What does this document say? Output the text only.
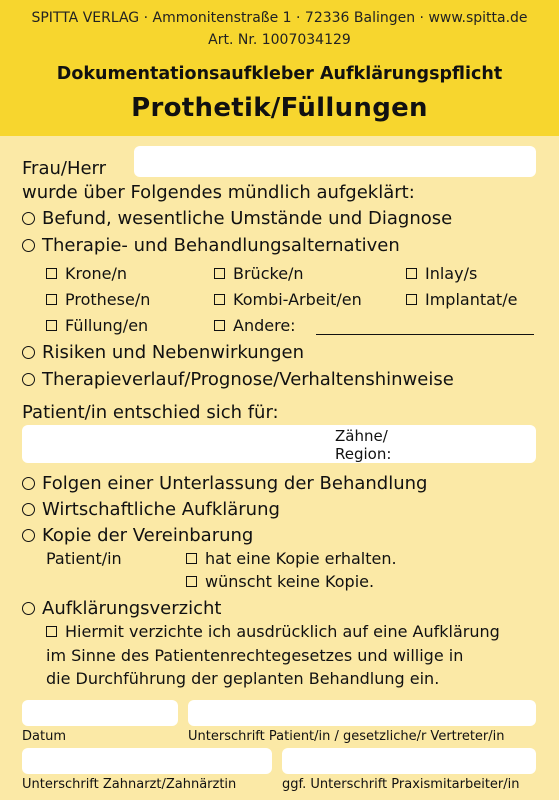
SPITTA VERLAG · Ammonitenstraße 1 · 72336 Balingen · www.spitta.de
Art. Nr. 1007034129
Dokumentationsaufkleber Aufklärungspflicht
Prothetik/Füllungen
Frau/Herr
wurde über Folgendes mündlich aufgeklärt:
Befund, wesentliche Umstände und Diagnose
Therapie- und Behandlungsalternativen
Krone/n	Brücke/n	Inlay/s
Prothese/n	Kombi-Arbeit/en	Implantat/e
Füllung/en	Andere:
Risiken und Nebenwirkungen
Therapieverlauf/Prognose/Verhaltenshinweise
Patient/in entschied sich für:
Zähne/
Region:
Folgen einer Unterlassung der Behandlung
Wirtschaftliche Aufklärung
Kopie der Vereinbarung
Patient/in	hat eine Kopie erhalten.
wünscht keine Kopie.
Aufklärungsverzicht
Hiermit verzichte ich ausdrücklich auf eine Aufklärung
im Sinne des Patientenrechtegesetzes und willige in
die Durchführung der geplanten Behandlung ein.
Datum	Unterschrift Patient/in / gesetzliche/r Vertreter/in
Unterschrift Zahnarzt/Zahnärztin	ggf. Unterschrift Praxismitarbeiter/in
